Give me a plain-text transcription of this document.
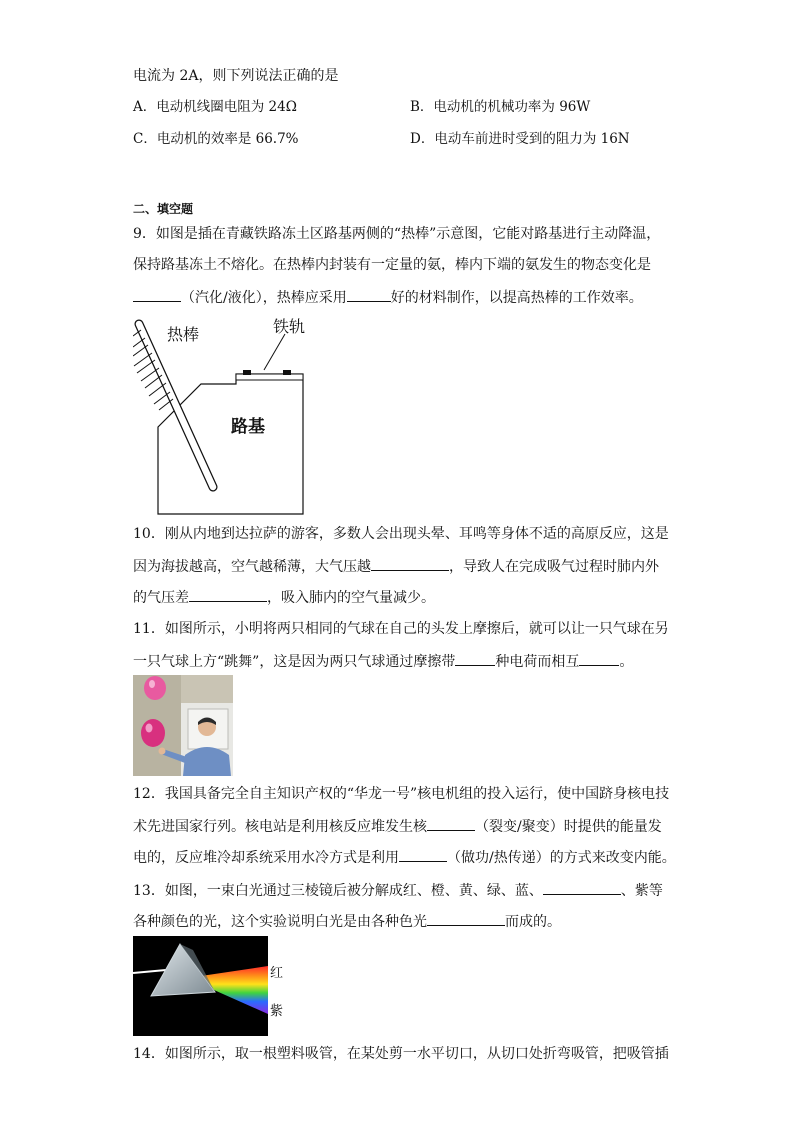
电流为 2A，则下列说法正确的是
A．电动机线圈电阻为 24Ω	B．电动机的机械功率为 96W
C．电动机的效率是 66.7%	D．电动车前进时受到的阻力为 16N
二、填空题
9．如图是插在青藏铁路冻土区路基两侧的“热棒”示意图，它能对路基进行主动降温，
保持路基冻土不熔化。在热棒内封装有一定量的氨，棒内下端的氨发生的物态变化是
（汽化/液化），热棒应采用	好的材料制作，以提高热棒的工作效率。
热棒	铁轨
路基
10．刚从内地到达拉萨的游客，多数人会出现头晕、耳鸣等身体不适的高原反应，这是
因为海拔越高，空气越稀薄，大气压越	，导致人在完成吸气过程时肺内外
的气压差	，吸入肺内的空气量减少。
11．如图所示，小明将两只相同的气球在自己的头发上摩擦后，就可以让一只气球在另
一只气球上方“跳舞”，这是因为两只气球通过摩擦带	种电荷而相互	。
12．我国具备完全自主知识产权的“华龙一号”核电机组的投入运行，使中国跻身核电技
术先进国家行列。核电站是利用核反应堆发生核	（裂变/聚变）时提供的能量发
电的，反应堆冷却系统采用水冷方式是利用	（做功/热传递）的方式来改变内能。
13．如图，一束白光通过三棱镜后被分解成红、橙、黄、绿、蓝、	、紫等
各种颜色的光，这个实验说明白光是由各种色光	而成的。
红
紫
14．如图所示，取一根塑料吸管，在某处剪一水平切口，从切口处折弯吸管，把吸管插
